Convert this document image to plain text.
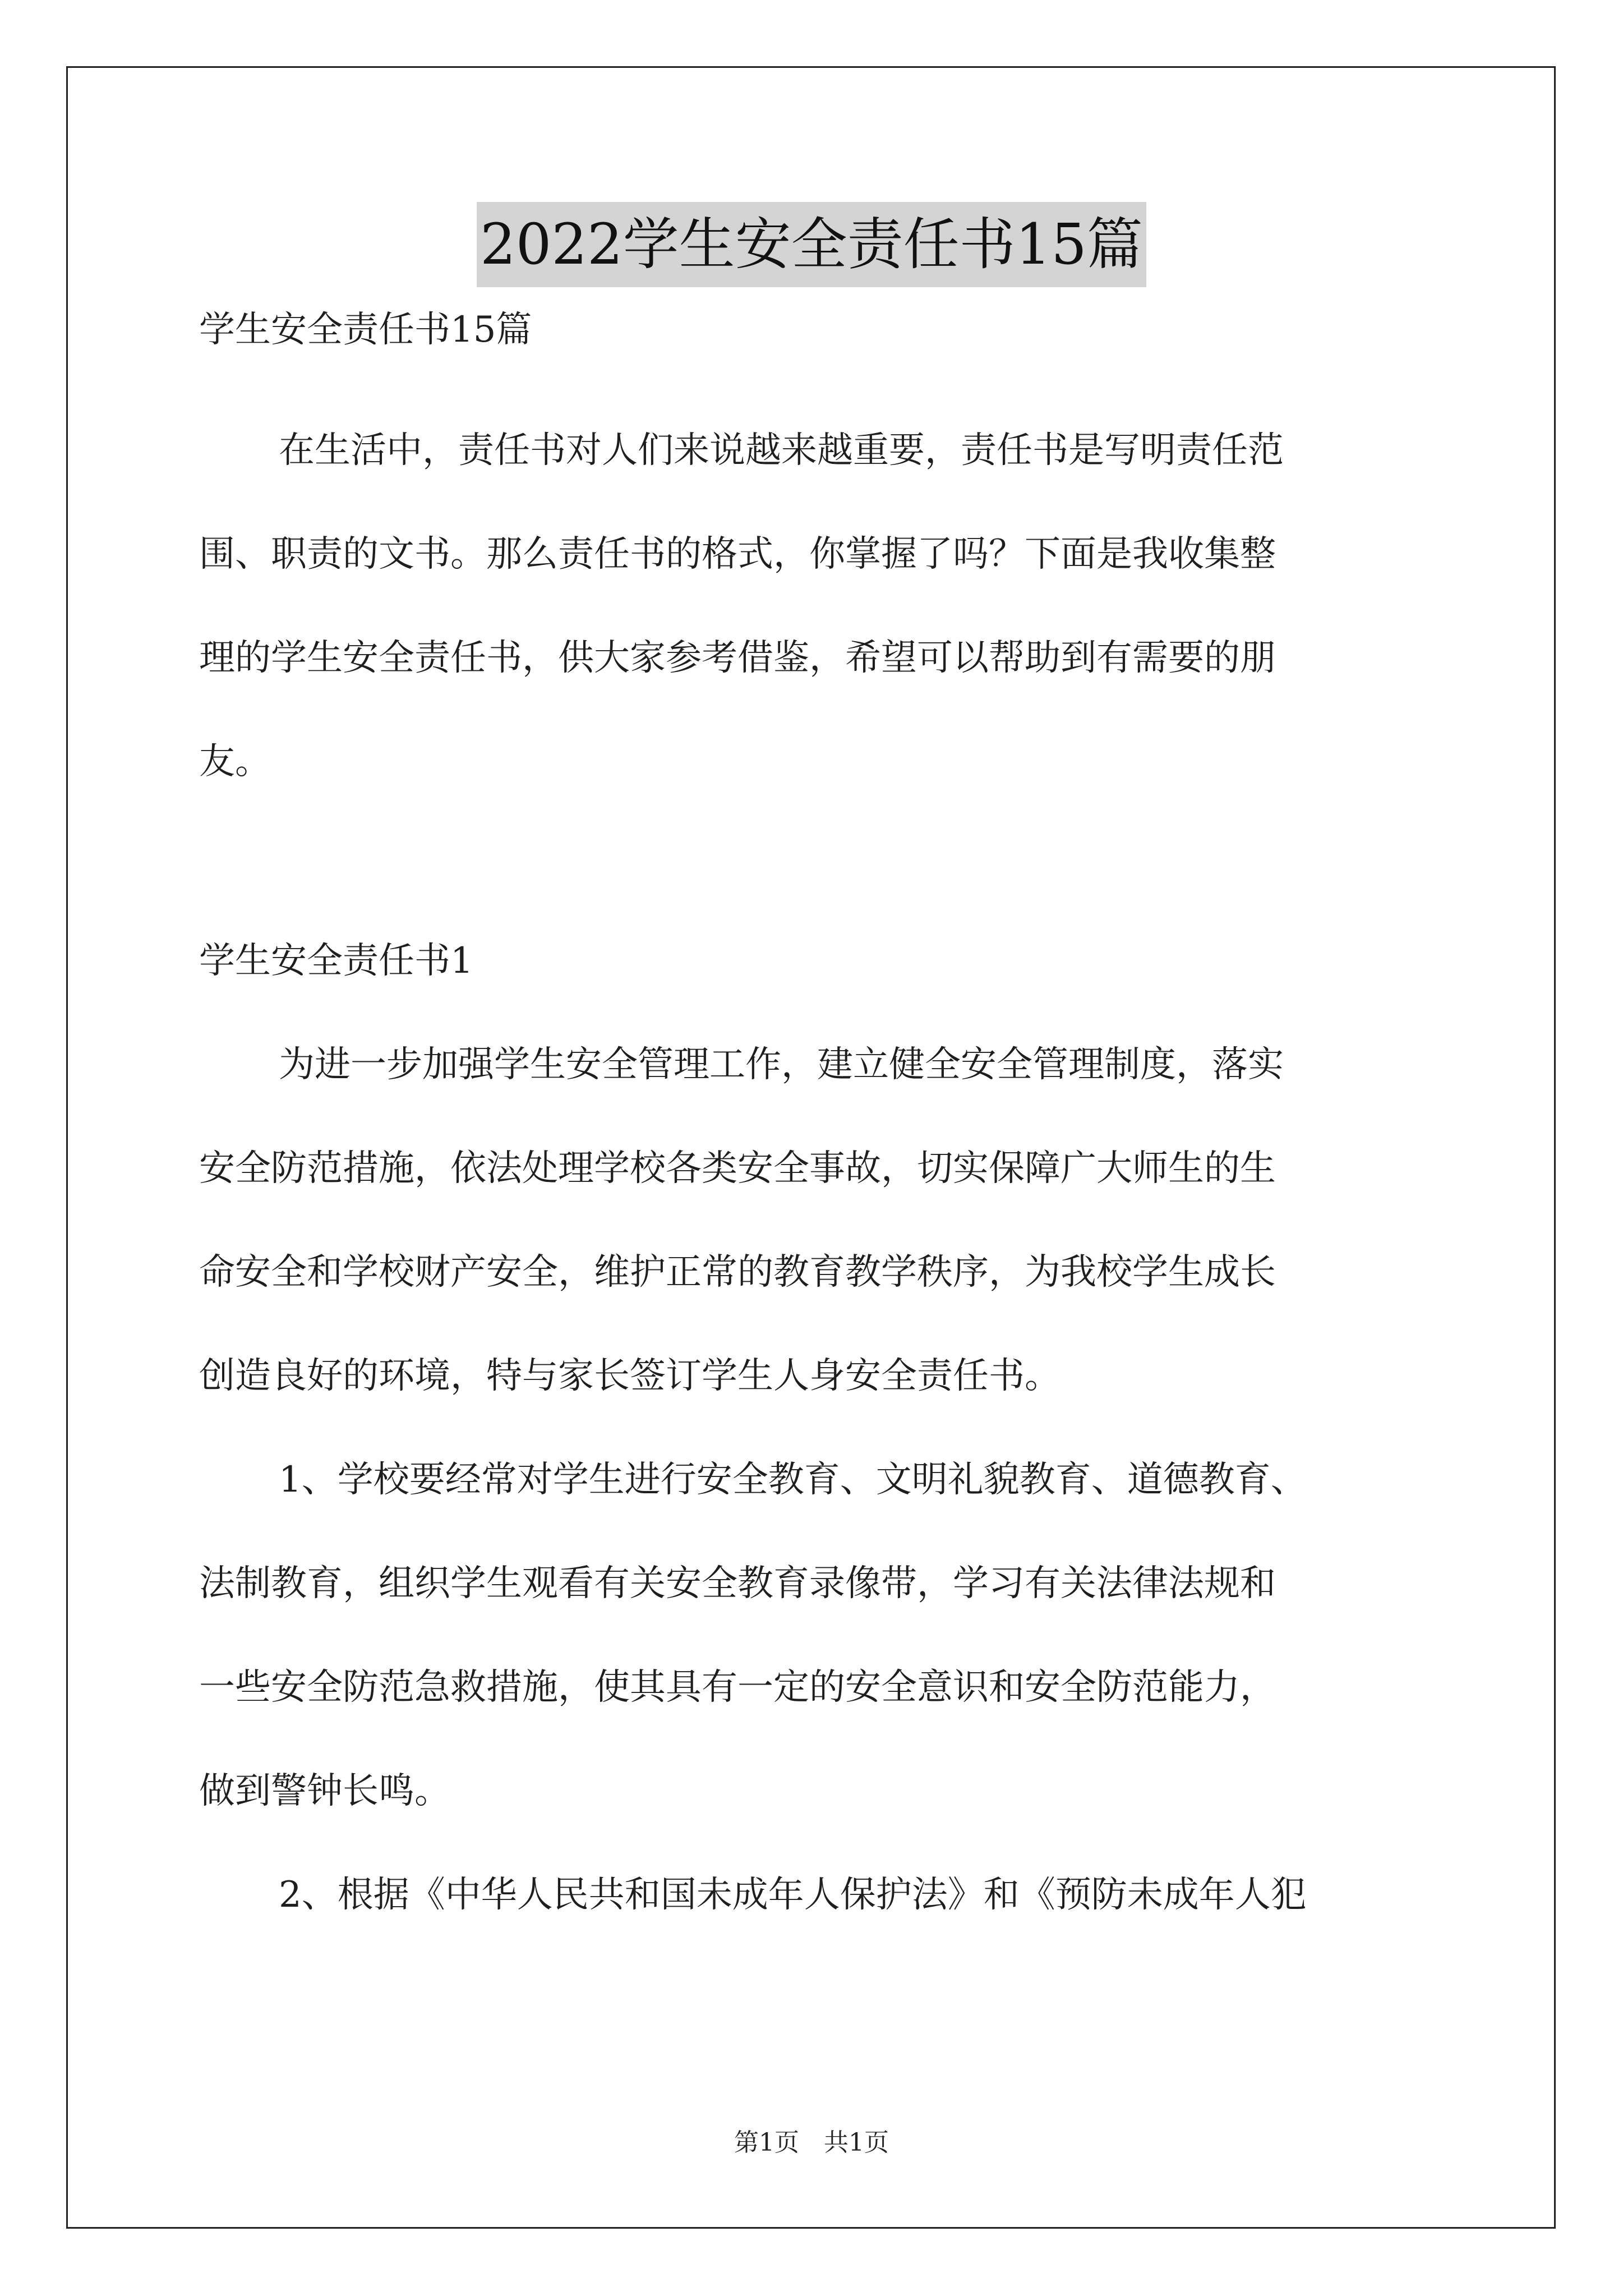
2022学生安全责任书15篇
学生安全责任书15篇
在生活中，责任书对人们来说越来越重要，责任书是写明责任范
围、职责的文书。那么责任书的格式，你掌握了吗？下面是我收集整
理的学生安全责任书，供大家参考借鉴，希望可以帮助到有需要的朋
友。
学生安全责任书1
为进一步加强学生安全管理工作，建立健全安全管理制度，落实
安全防范措施，依法处理学校各类安全事故，切实保障广大师生的生
命安全和学校财产安全，维护正常的教育教学秩序，为我校学生成长
创造良好的环境，特与家长签订学生人身安全责任书。
1、学校要经常对学生进行安全教育、文明礼貌教育、道德教育、
法制教育，组织学生观看有关安全教育录像带，学习有关法律法规和
一些安全防范急救措施，使其具有一定的安全意识和安全防范能力，
做到警钟长鸣。
2、根据《中华人民共和国未成年人保护法》和《预防未成年人犯
第1页　共1页
